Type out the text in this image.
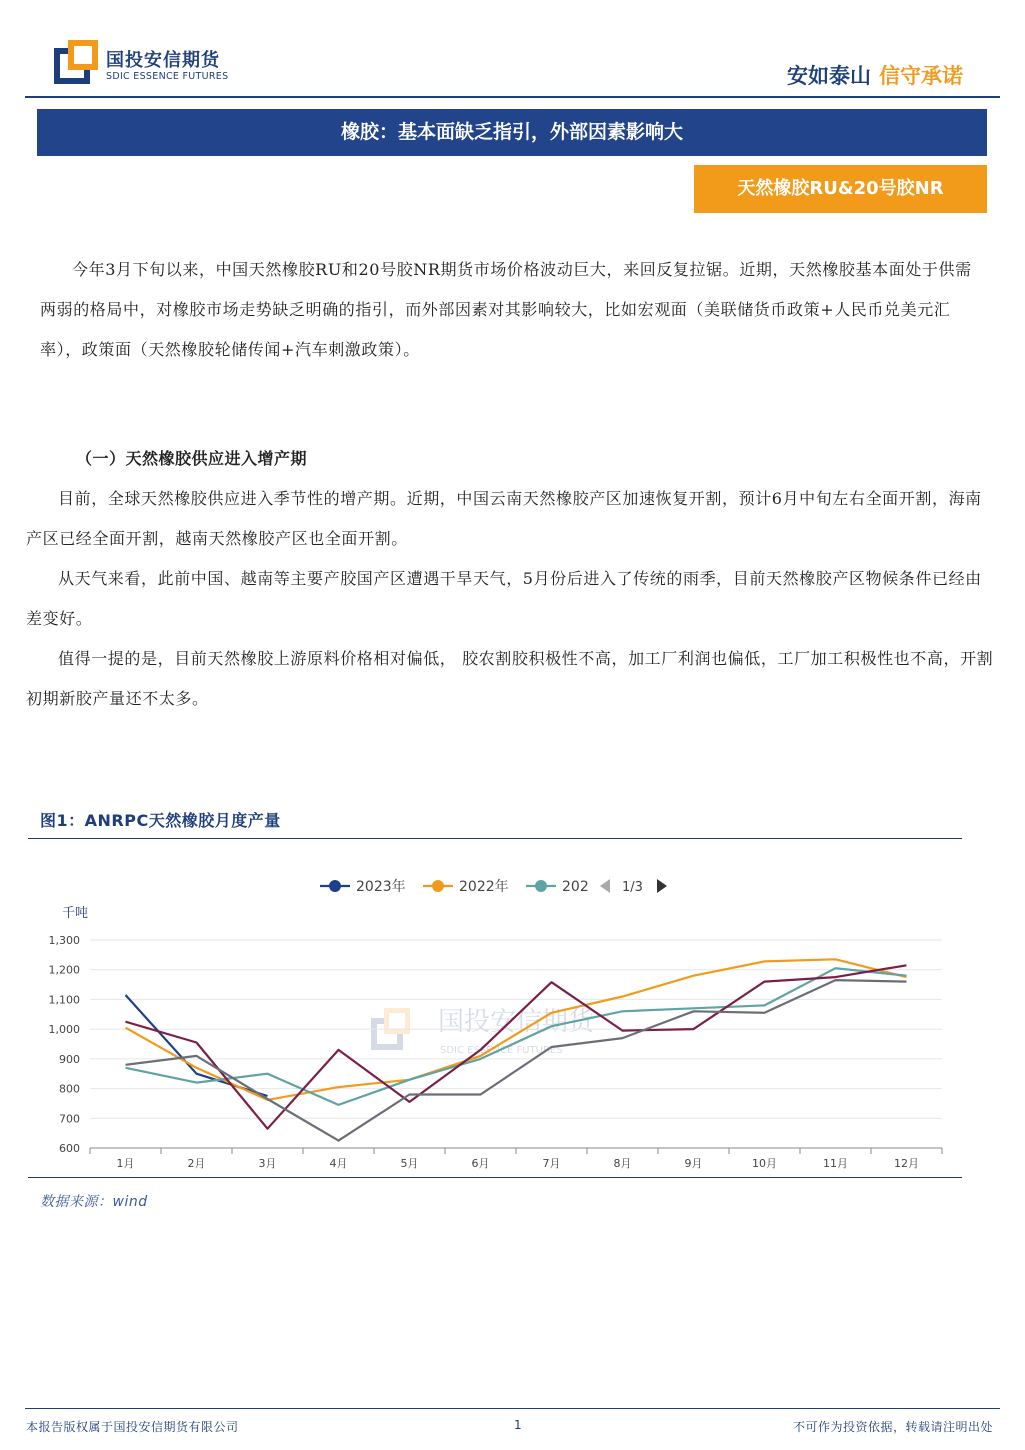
国投安信期货
SDIC ESSENCE FUTURES	安如泰山 信守承诺
橡胶：基本面缺乏指引，外部因素影响大
天然橡胶RU&20号胶NR
今年3月下旬以来，中国天然橡胶RU和20号胶NR期货市场价格波动巨大，来回反复拉锯。近期，天然橡胶基本面处于供需两弱的格局中，对橡胶市场走势缺乏明确的指引，而外部因素对其影响较大，比如宏观面（美联储货币政策+人民币兑美元汇率），政策面（天然橡胶轮储传闻+汽车刺激政策）。
（一）天然橡胶供应进入增产期
目前，全球天然橡胶供应进入季节性的增产期。近期，中国云南天然橡胶产区加速恢复开割，预计6月中旬左右全面开割，海南产区已经全面开割，越南天然橡胶产区也全面开割。
从天气来看，此前中国、越南等主要产胶国产区遭遇干旱天气，5月份后进入了传统的雨季，目前天然橡胶产区物候条件已经由差变好。
值得一提的是，目前天然橡胶上游原料价格相对偏低， 胶农割胶积极性不高，加工厂利润也偏低，工厂加工积极性也不高，开割初期新胶产量还不太多。
图1：ANRPC天然橡胶月度产量
国投安信期货
SDIC ESSENCE FUTURES
2023年	2022年	202	1/3
千吨
1,300
1,200
1,100
1,000
900
800
700
600
1月	2月	3月	4月	5月	6月	7月	8月	9月	10月	11月	12月
数据来源：wind
本报告版权属于国投安信期货有限公司	1	不可作为投资依据，转载请注明出处
